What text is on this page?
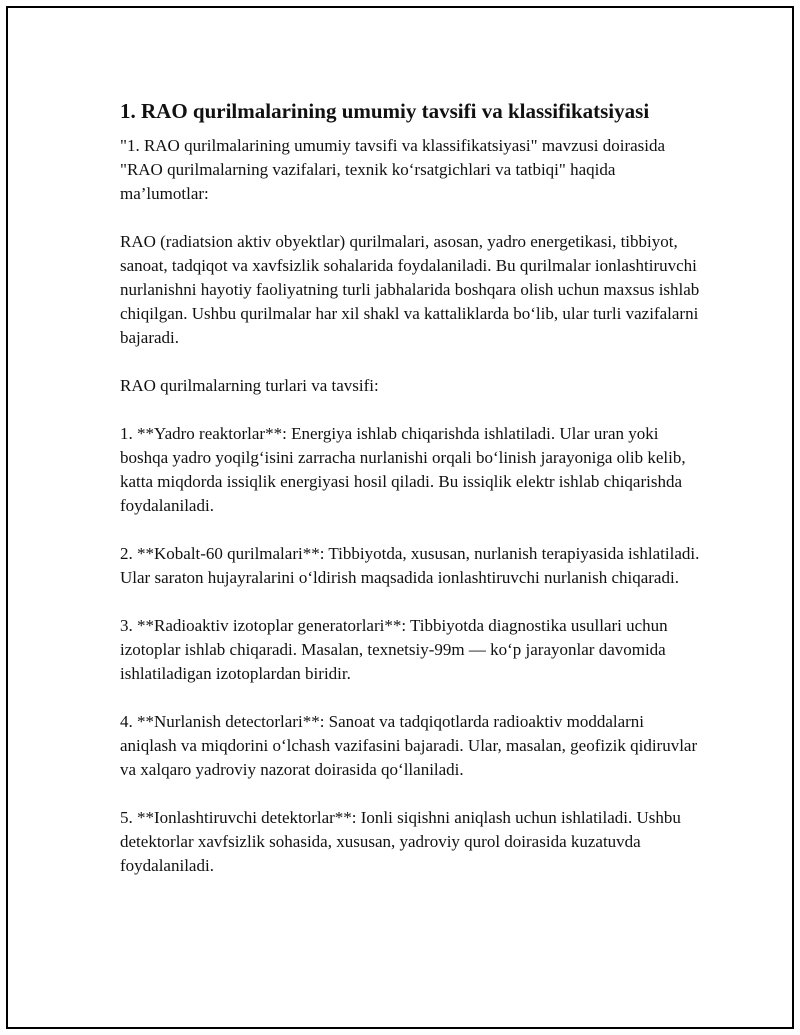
1. RAO qurilmalarining umumiy tavsifi va klassifikatsiyasi

"1. RAO qurilmalarining umumiy tavsifi va klassifikatsiyasi" mavzusi doirasida "RAO qurilmalarning vazifalari, texnik ko‘rsatgichlari va tatbiqi" haqida ma’lumotlar:

RAO (radiatsion aktiv obyektlar) qurilmalari, asosan, yadro energetikasi, tibbiyot, sanoat, tadqiqot va xavfsizlik sohalarida foydalaniladi. Bu qurilmalar ionlashtiruvchi nurlanishni hayotiy faoliyatning turli jabhalarida boshqara olish uchun maxsus ishlab chiqilgan. Ushbu qurilmalar har xil shakl va kattaliklarda bo‘lib, ular turli vazifalarni bajaradi.

RAO qurilmalarning turlari va tavsifi:

1. **Yadro reaktorlar**: Energiya ishlab chiqarishda ishlatiladi. Ular uran yoki boshqa yadro yoqilg‘isini zarracha nurlanishi orqali bo‘linish jarayoniga olib kelib, katta miqdorda issiqlik energiyasi hosil qiladi. Bu issiqlik elektr ishlab chiqarishda foydalaniladi.

2. **Kobalt-60 qurilmalari**: Tibbiyotda, xususan, nurlanish terapiyasida ishlatiladi. Ular saraton hujayralarini o‘ldirish maqsadida ionlashtiruvchi nurlanish chiqaradi.

3. **Radioaktiv izotoplar generatorlari**: Tibbiyotda diagnostika usullari uchun izotoplar ishlab chiqaradi. Masalan, texnetsiy-99m — ko‘p jarayonlar davomida ishlatiladigan izotoplardan biridir.

4. **Nurlanish detectorlari**: Sanoat va tadqiqotlarda radioaktiv moddalarni aniqlash va miqdorini o‘lchash vazifasini bajaradi. Ular, masalan, geofizik qidiruvlar va xalqaro yadroviy nazorat doirasida qo‘llaniladi.

5. **Ionlashtiruvchi detektorlar**: Ionli siqishni aniqlash uchun ishlatiladi. Ushbu detektorlar xavfsizlik sohasida, xususan, yadroviy qurol doirasida kuzatuvda foydalaniladi.
